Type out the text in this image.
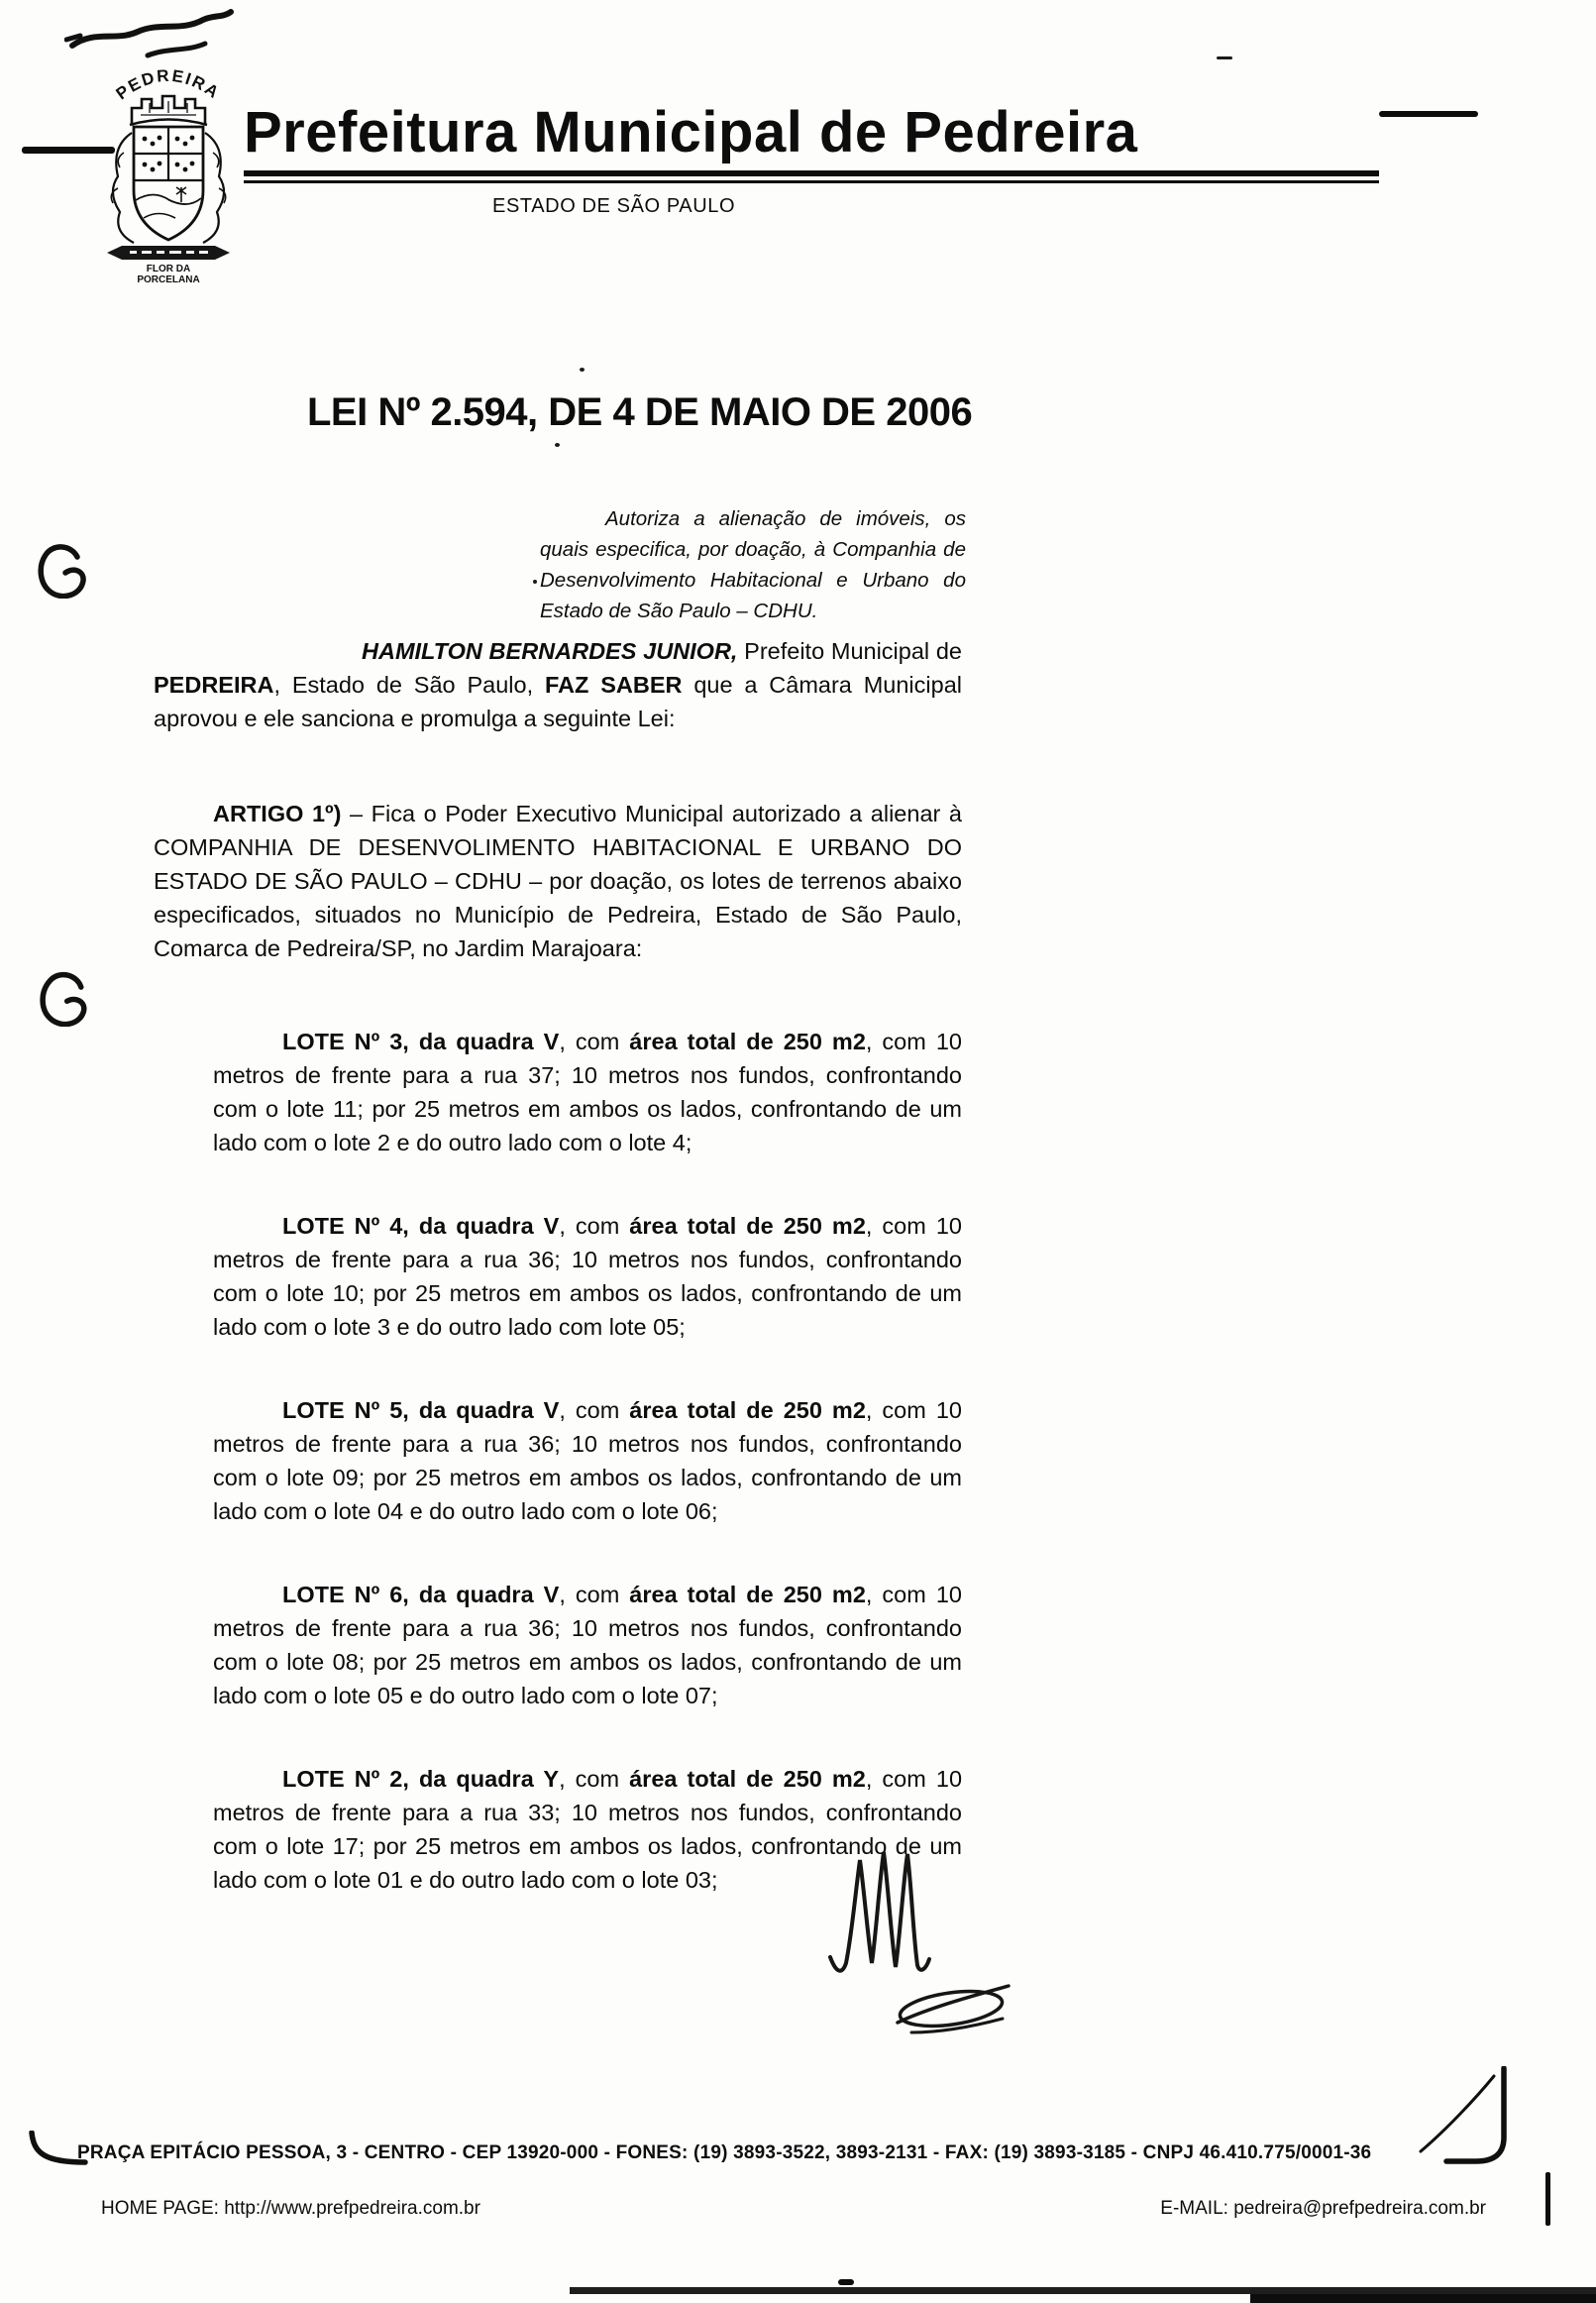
PEDREIRA
FLOR DA
PORCELANA
Prefeitura Municipal de Pedreira
ESTADO DE SÃO PAULO
LEI Nº 2.594, DE 4 DE MAIO DE 2006

Autoriza a alienação de imóveis, os quais especifica, por doação, à Companhia de Desenvolvimento Habitacional e Urbano do Estado de São Paulo – CDHU.

HAMILTON BERNARDES JUNIOR, Prefeito Municipal de PEDREIRA, Estado de São Paulo, FAZ SABER que a Câmara Municipal aprovou e ele sanciona e promulga a seguinte Lei:

ARTIGO 1º) – Fica o Poder Executivo Municipal autorizado a alienar à COMPANHIA DE DESENVOLIMENTO HABITACIONAL E URBANO DO ESTADO DE SÃO PAULO – CDHU – por doação, os lotes de terrenos abaixo especificados, situados no Município de Pedreira, Estado de São Paulo, Comarca de Pedreira/SP, no Jardim Marajoara:

LOTE Nº 3, da quadra V, com área total de 250 m2, com 10 metros de frente para a rua 37; 10 metros nos fundos, confrontando com o lote 11; por 25 metros em ambos os lados, confrontando de um lado com o lote 2 e do outro lado com o lote 4;

LOTE Nº 4, da quadra V, com área total de 250 m2, com 10 metros de frente para a rua 36; 10 metros nos fundos, confrontando com o lote 10; por 25 metros em ambos os lados, confrontando de um lado com o lote 3 e do outro lado com lote 05;

LOTE Nº 5, da quadra V, com área total de 250 m2, com 10 metros de frente para a rua 36; 10 metros nos fundos, confrontando com o lote 09; por 25 metros em ambos os lados, confrontando de um lado com o lote 04 e do outro lado com o lote 06;

LOTE Nº 6, da quadra V, com área total de 250 m2, com 10 metros de frente para a rua 36; 10 metros nos fundos, confrontando com o lote 08; por 25 metros em ambos os lados, confrontando de um lado com o lote 05 e do outro lado com o lote 07;

LOTE Nº 2, da quadra Y, com área total de 250 m2, com 10 metros de frente para a rua 33; 10 metros nos fundos, confrontando com o lote 17; por 25 metros em ambos os lados, confrontando de um lado com o lote 01 e do outro lado com o lote 03;

PRAÇA EPITÁCIO PESSOA, 3 - CENTRO - CEP 13920-000 - FONES: (19) 3893-3522, 3893-2131 - FAX: (19) 3893-3185 - CNPJ 46.410.775/0001-36
HOME PAGE: http://www.prefpedreira.com.br	E-MAIL: pedreira@prefpedreira.com.br
